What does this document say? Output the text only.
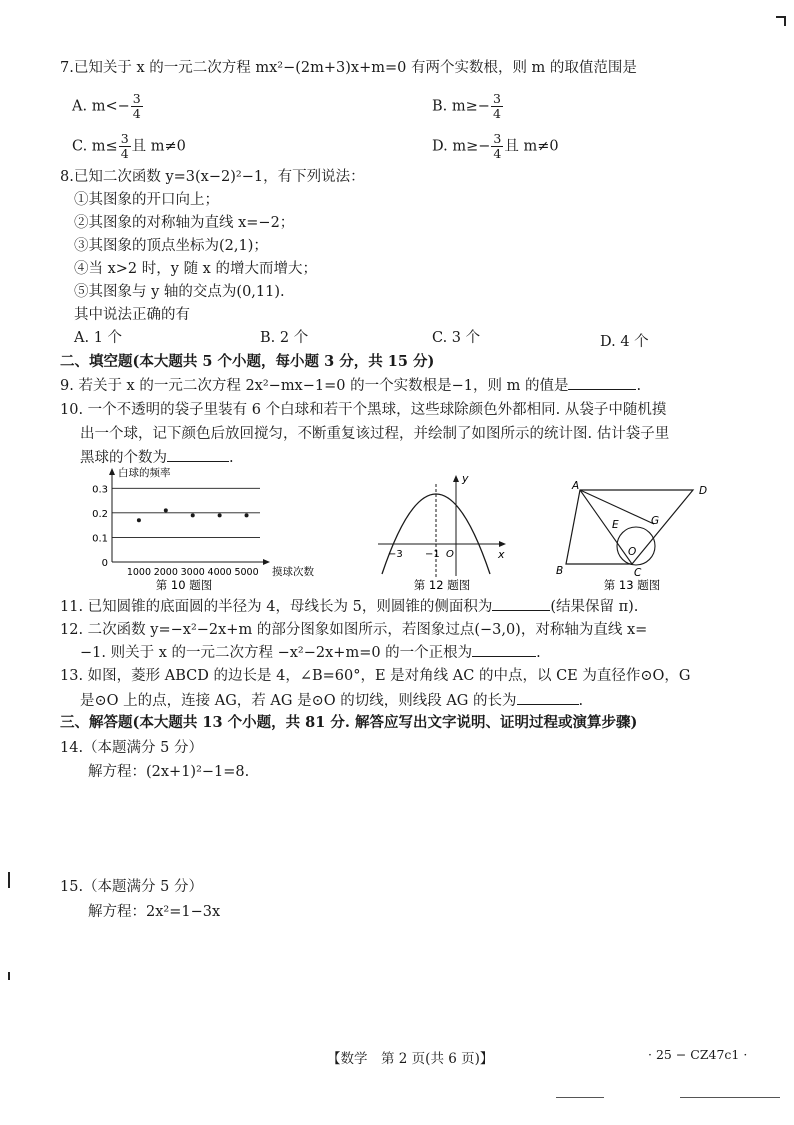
7.已知关于 x 的一元二次方程 mx²−(2m+3)x+m=0 有两个实数根，则 m 的取值范围是
A. $m<- \frac{3}{4}$	B. $m\ge- \frac{3}{4}$
C. $m\le \frac{3}{4}$ 且 m≠0	D. $m\ge- \frac{3}{4}$ 且 m≠0
8.已知二次函数 y=3(x−2)²−1，有下列说法：
①其图象的开口向上；
②其图象的对称轴为直线 x=−2；
③其图象的顶点坐标为(2,1)；
④当 x>2 时，y 随 x 的增大而增大；
⑤其图象与 y 轴的交点为(0,11).
其中说法正确的有
A. 1 个	B. 2 个	C. 3 个	D. 4 个
二、填空题(本大题共 5 个小题，每小题 3 分，共 15 分)
9. 若关于 x 的一元二次方程 2x²−mx−1=0 的一个实数根是−1，则 m 的值是	.
10. 一个不透明的袋子里装有 6 个白球和若干个黑球，这些球除颜色外都相同. 从袋子中随机摸
出一个球，记下颜色后放回搅匀，不断重复该过程，并绘制了如图所示的统计图. 估计袋子里
黑球的个数为	.
0.1
0.2
0.3
0
1000 2000 3000 4000 5000
白球的频率
摸球次数
第 10 题图
y
x
−3 −1 O
第 12 题图
A	D
B	C
E	G
O
第 13 题图
11. 已知圆锥的底面圆的半径为 4，母线长为 5，则圆锥的侧面积为	(结果保留 π).
12. 二次函数 y=−x²−2x+m 的部分图象如图所示，若图象过点(−3,0)，对称轴为直线 x=
−1. 则关于 x 的一元二次方程 −x²−2x+m=0 的一个正根为	.
13. 如图，菱形 ABCD 的边长是 4，∠B=60°，E 是对角线 AC 的中点，以 CE 为直径作⊙O，G
是⊙O 上的点，连接 AG，若 AG 是⊙O 的切线，则线段 AG 的长为	.
三、解答题(本大题共 13 个小题，共 81 分. 解答应写出文字说明、证明过程或演算步骤)
14.（本题满分 5 分）
解方程：(2x+1)²−1=8.
15.（本题满分 5 分）
解方程：2x²=1−3x
【数学　第 2 页(共 6 页)】	· 25 − CZ47c1 ·
